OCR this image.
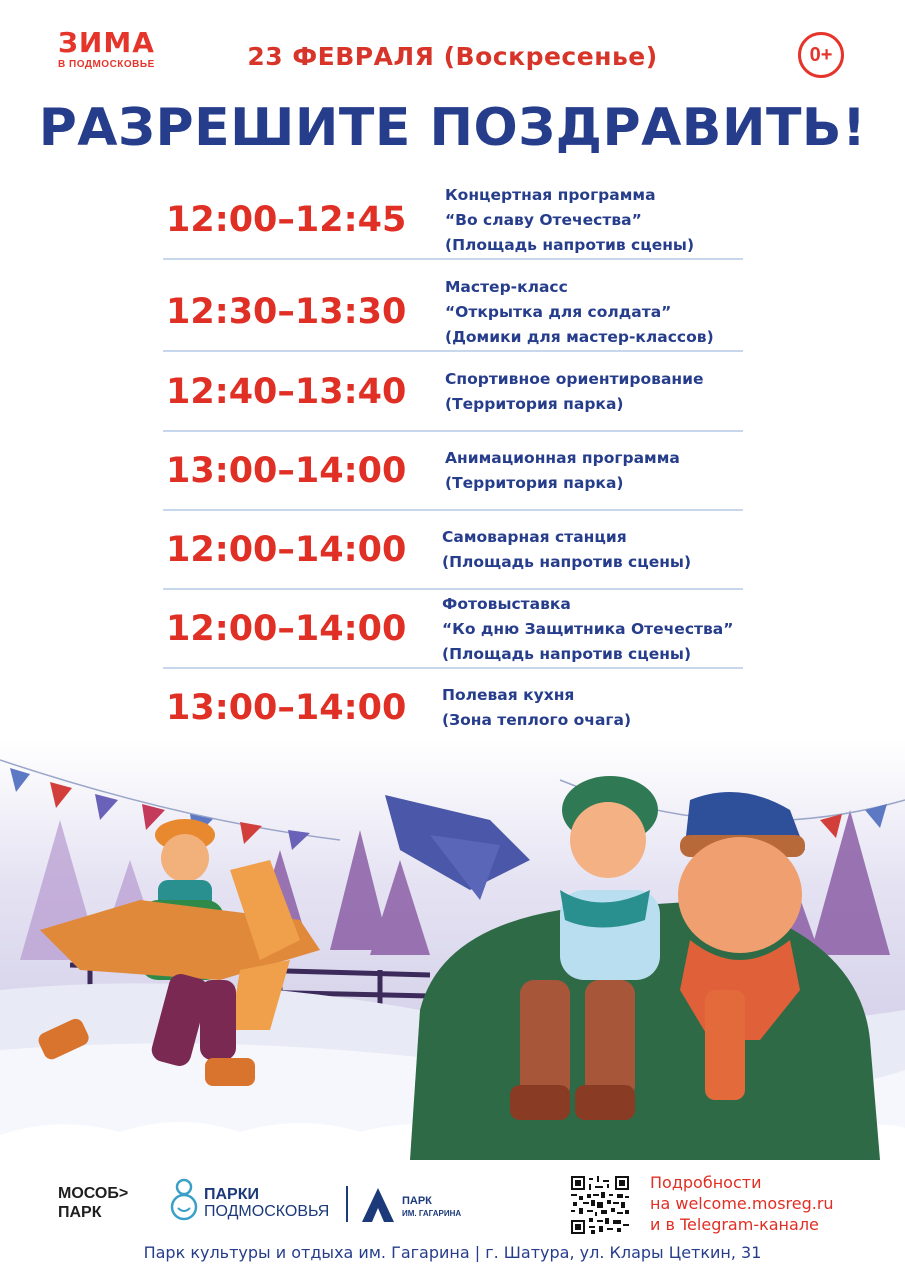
ЗИМА
В ПОДМОСКОВЬЕ	23 ФЕВРАЛЯ (Воскресенье)	0+
РАЗРЕШИТЕ ПОЗДРАВИТЬ!
12:00–12:45
Концертная программа
“Во славу Отечества”
(Площадь напротив сцены)
12:30–13:30
Мастер-класс
“Открытка для солдата”
(Домики для мастер-классов)
12:40–13:40 Спортивное ориентирование
(Территория парка)
13:00–14:00 Анимационная программа
(Территория парка)
12:00–14:00 Самоварная станция
(Площадь напротив сцены)
12:00–14:00
Фотовыставка
“Ко дню Защитника Отечества”
(Площадь напротив сцены)
13:00–14:00 Полевая кухня
(Зона теплого очага)
МОСОБ>
ПАРК
ПАРКИ
ПОДМОСКОВЬЯ
ПАРК
ИМ. ГАГАРИНА
Подробности
на welcome.mosreg.ru
и в Telegram-канале
Парк культуры и отдыха им. Гагарина | г. Шатура, ул. Клары Цеткин, 31
